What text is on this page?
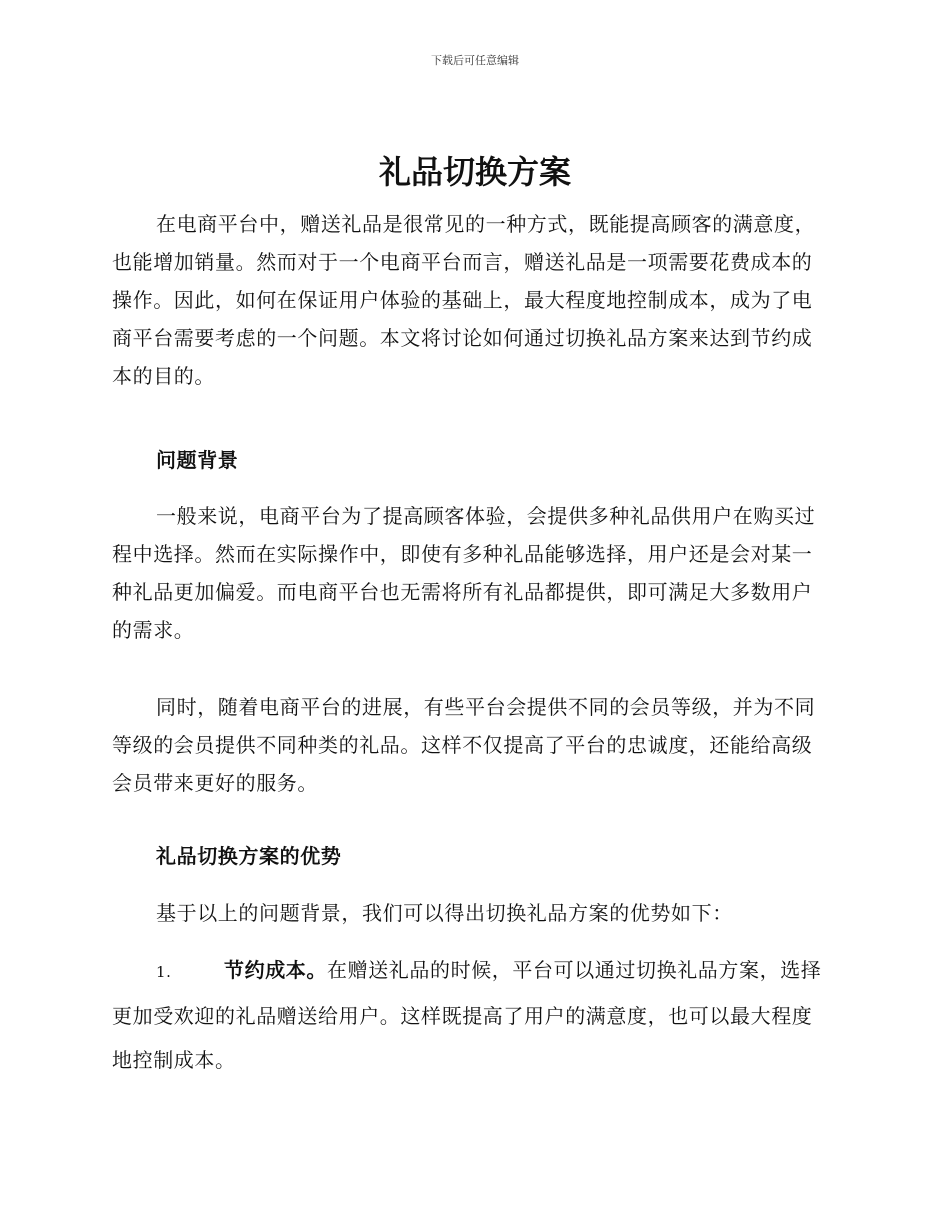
下载后可任意编辑
礼品切换方案

在电商平台中，赠送礼品是很常见的一种方式，既能提高顾客的满意度，也能增加销量。然而对于一个电商平台而言，赠送礼品是一项需要花费成本的操作。因此，如何在保证用户体验的基础上，最大程度地控制成本，成为了电商平台需要考虑的一个问题。本文将讨论如何通过切换礼品方案来达到节约成本的目的。

问题背景

一般来说，电商平台为了提高顾客体验，会提供多种礼品供用户在购买过程中选择。然而在实际操作中，即使有多种礼品能够选择，用户还是会对某一种礼品更加偏爱。而电商平台也无需将所有礼品都提供，即可满足大多数用户的需求。

同时，随着电商平台的进展，有些平台会提供不同的会员等级，并为不同等级的会员提供不同种类的礼品。这样不仅提高了平台的忠诚度，还能给高级会员带来更好的服务。

礼品切换方案的优势

基于以上的问题背景，我们可以得出切换礼品方案的优势如下：

1.	节约成本。在赠送礼品的时候，平台可以通过切换礼品方案，选择更加受欢迎的礼品赠送给用户。这样既提高了用户的满意度，也可以最大程度地控制成本。
